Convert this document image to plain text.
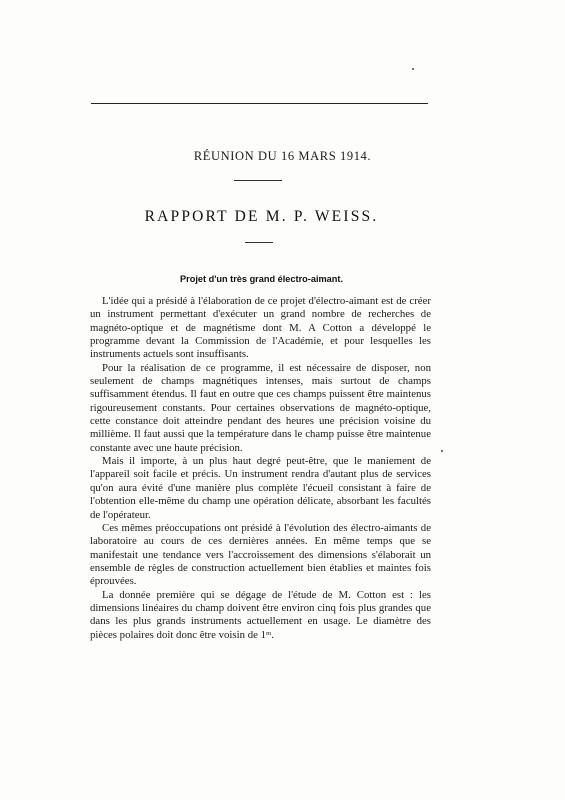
RÉUNION DU 16 MARS 1914.
RAPPORT DE M. P. WEISS.
Projet d'un très grand électro-aimant.

L'idée qui a présidé à l'élaboration de ce projet d'électro-aimant est de créer un instrument permettant d'exécuter un grand nombre de recherches de magnéto-optique et de magnétisme dont M. A Cotton a développé le programme devant la Commission de l'Académie, et pour lesquelles les instruments actuels sont insuffisants.

Pour la réalisation de ce programme, il est nécessaire de disposer, non seulement de champs magnétiques intenses, mais surtout de champs suffisamment étendus. Il faut en outre que ces champs puissent être maintenus rigoureusement constants. Pour certaines observations de magnéto-optique, cette constance doit atteindre pendant des heures une précision voisine du millième. Il faut aussi que la température dans le champ puisse être maintenue constante avec une haute précision.

Mais il importe, à un plus haut degré peut-être, que le maniement de l'appareil soit facile et précis. Un instrument rendra d'autant plus de services qu'on aura évité d'une manière plus complète l'écueil consistant à faire de l'obtention elle-même du champ une opération délicate, absorbant les facultés de l'opérateur.

Ces mêmes préoccupations ont présidé à l'évolution des électro-aimants de laboratoire au cours de ces dernières années. En même temps que se manifestait une tendance vers l'accroissement des dimensions s'élaborait un ensemble de règles de construction actuellement bien établies et maintes fois éprouvées.

La donnée première qui se dégage de l'étude de M. Cotton est : les dimensions linéaires du champ doivent être environ cinq fois plus grandes que dans les plus grands instruments actuellement en usage. Le diamètre des pièces polaires doit donc être voisin de 1ᵐ.
